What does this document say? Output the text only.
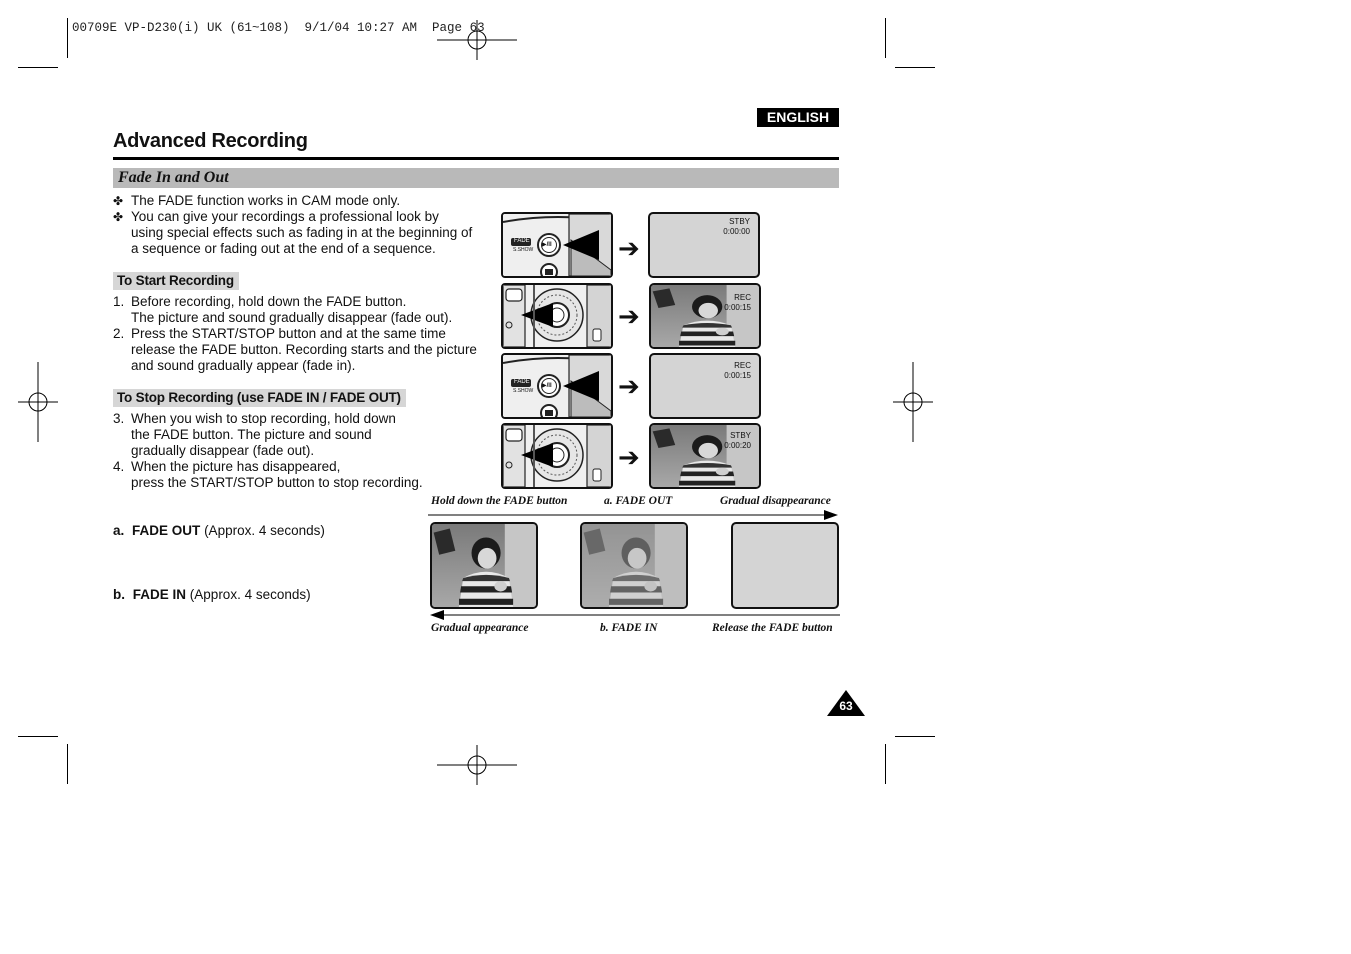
00709E VP-D230(i) UK (61~108)  9/1/04 10:27 AM  Page 63
ENGLISH
Advanced Recording
Fade In and Out
✤ The FADE function works in CAM mode only.
✤ You can give your recordings a professional look by using special effects such as fading in at the beginning of a sequence or fading out at the end of a sequence.
To Start Recording
1. Before recording, hold down the FADE button.
The picture and sound gradually disappear (fade out).
2. Press the START/STOP button and at the same time release the FADE button. Recording starts and the picture and sound gradually appear (fade in).
To Stop Recording (use FADE IN / FADE OUT)
3. When you wish to stop recording, hold down the FADE button. The picture and sound gradually disappear (fade out).
4. When the picture has disappeared,
press the START/STOP button to stop recording.
a. FADE OUT (Approx. 4 seconds)
b. FADE IN (Approx. 4 seconds)
FADE
S.SHOW
▶/II
FADE
S.SHOW
▶/II
➔
➔
➔
➔
STBY
0:00:00
REC
0:00:15
REC
0:00:15
STBY
0:00:20
Hold down the FADE button	a. FADE OUT	Gradual disappearance
Gradual appearance	b. FADE IN	Release the FADE button
63
